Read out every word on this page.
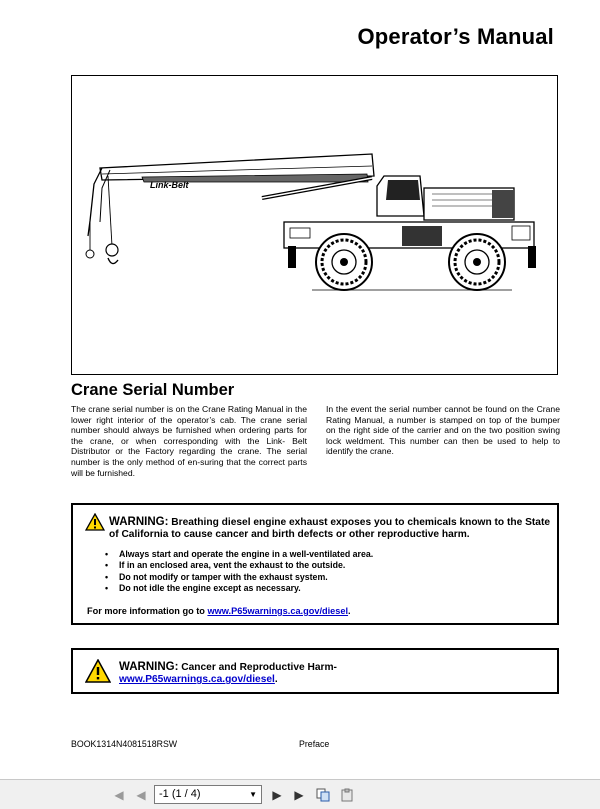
Operator’s Manual
Link-Belt
Crane Serial Number
The crane serial number is on the Crane Rating Manual in the lower right interior of the operator’s cab. The crane serial number should always be furnished when ordering parts for the crane, or when corresponding with the Link- Belt Distributor or the Factory regarding the crane. The serial number is the only method of en-suring that the correct parts will be furnished.
In the event the serial number cannot be found on the Crane Rating Manual, a number is stamped on top of the bumper on the right side of the carrier and on the two position swing lock weldment. This number can then be used to help to identify the crane.
WARNING: Breathing diesel engine exhaust exposes you to chemicals known to the State of California to cause cancer and birth defects or other reproductive harm.
• Always start and operate the engine in a well-ventilated area.
• If in an enclosed area, vent the exhaust to the outside.
• Do not modify or tamper with the exhaust system.
• Do not idle the engine except as necessary.
For more information go to www.P65warnings.ca.gov/diesel.
WARNING: Cancer and Reproductive Harm-
www.P65warnings.ca.gov/diesel.
BOOK1314N4081518RSW	Preface
◀​ ◀	-1 (1 / 4)	▼ ▶ ▶
